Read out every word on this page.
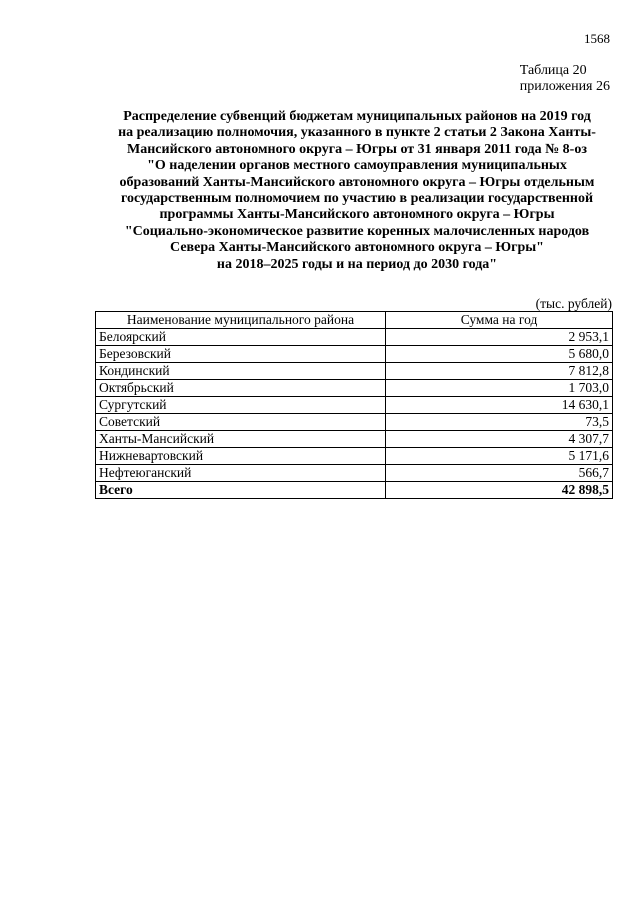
1568
Таблица 20
приложения 26
Распределение субвенций бюджетам муниципальных районов на 2019 год
на реализацию полномочия, указанного в пункте 2 статьи 2 Закона Ханты-
Мансийского автономного округа – Югры от 31 января 2011 года № 8-оз
"О наделении органов местного самоуправления муниципальных
образований Ханты-Мансийского автономного округа – Югры отдельным
государственным полномочием по участию в реализации государственной
программы Ханты-Мансийского автономного округа – Югры
"Социально-экономическое развитие коренных малочисленных народов
Севера Ханты-Мансийского автономного округа – Югры"
на 2018–2025 годы и на период до 2030 года"
(тыс. рублей)
Наименование муниципального района	Сумма на год
Белоярский	2 953,1
Березовский	5 680,0
Кондинский	7 812,8
Октябрьский	1 703,0
Сургутский	14 630,1
Советский	73,5
Ханты-Мансийский	4 307,7
Нижневартовский	5 171,6
Нефтеюганский	566,7
Всего	42 898,5
